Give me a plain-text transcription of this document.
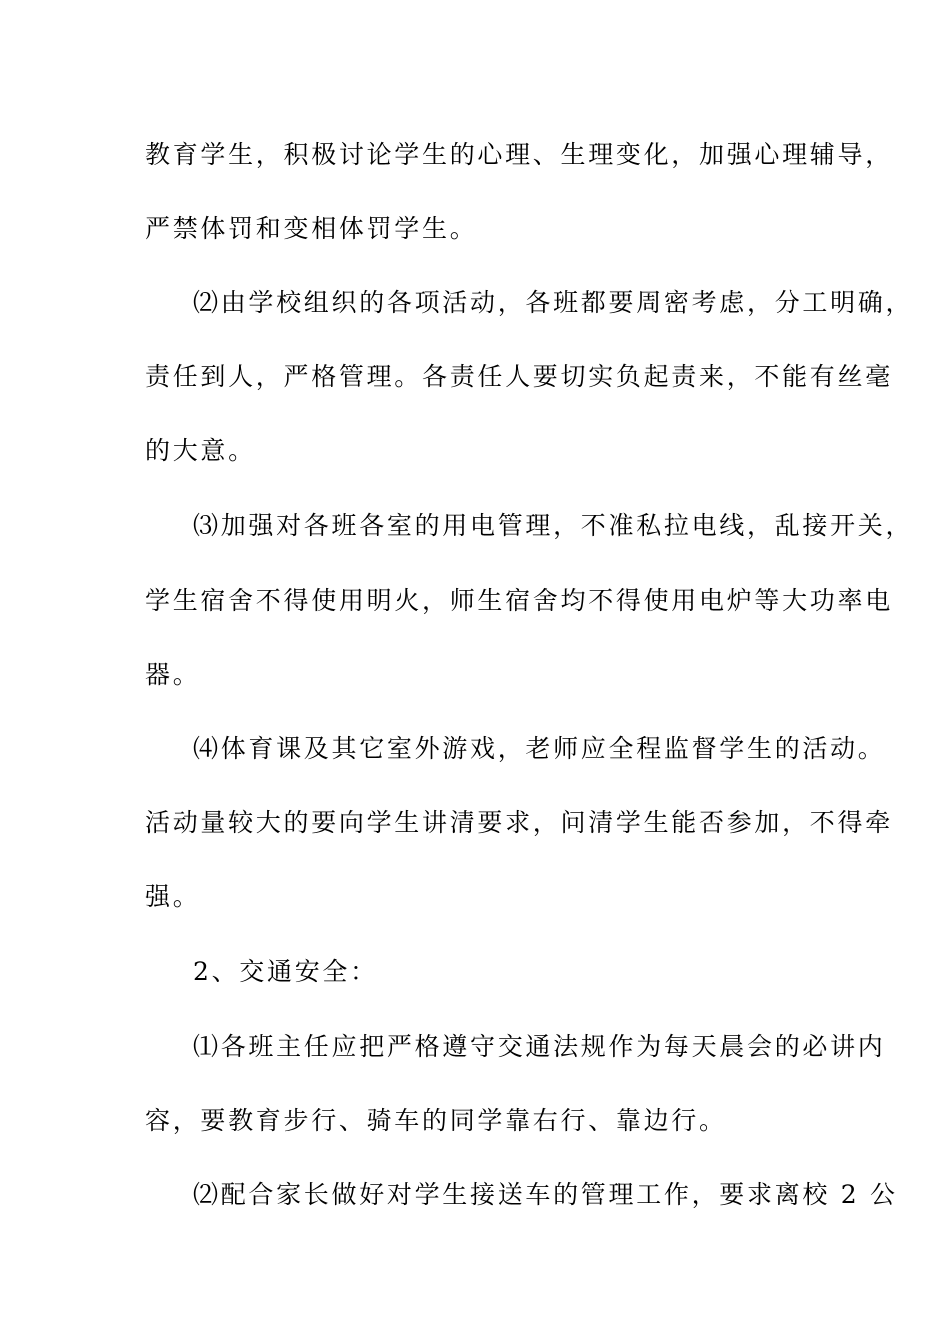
教育学生，积极讨论学生的心理、生理变化，加强心理辅导，
严禁体罚和变相体罚学生。
⑵由学校组织的各项活动，各班都要周密考虑，分工明确，
责任到人，严格管理。各责任人要切实负起责来，不能有丝毫
的大意。
⑶加强对各班各室的用电管理，不准私拉电线，乱接开关，
学生宿舍不得使用明火，师生宿舍均不得使用电炉等大功率电
器。
⑷体育课及其它室外游戏，老师应全程监督学生的活动。
活动量较大的要向学生讲清要求，问清学生能否参加，不得牵
强。
2、交通安全：
⑴各班主任应把严格遵守交通法规作为每天晨会的必讲内
容，要教育步行、骑车的同学靠右行、靠边行。
⑵配合家长做好对学生接送车的管理工作，要求离校 2 公
